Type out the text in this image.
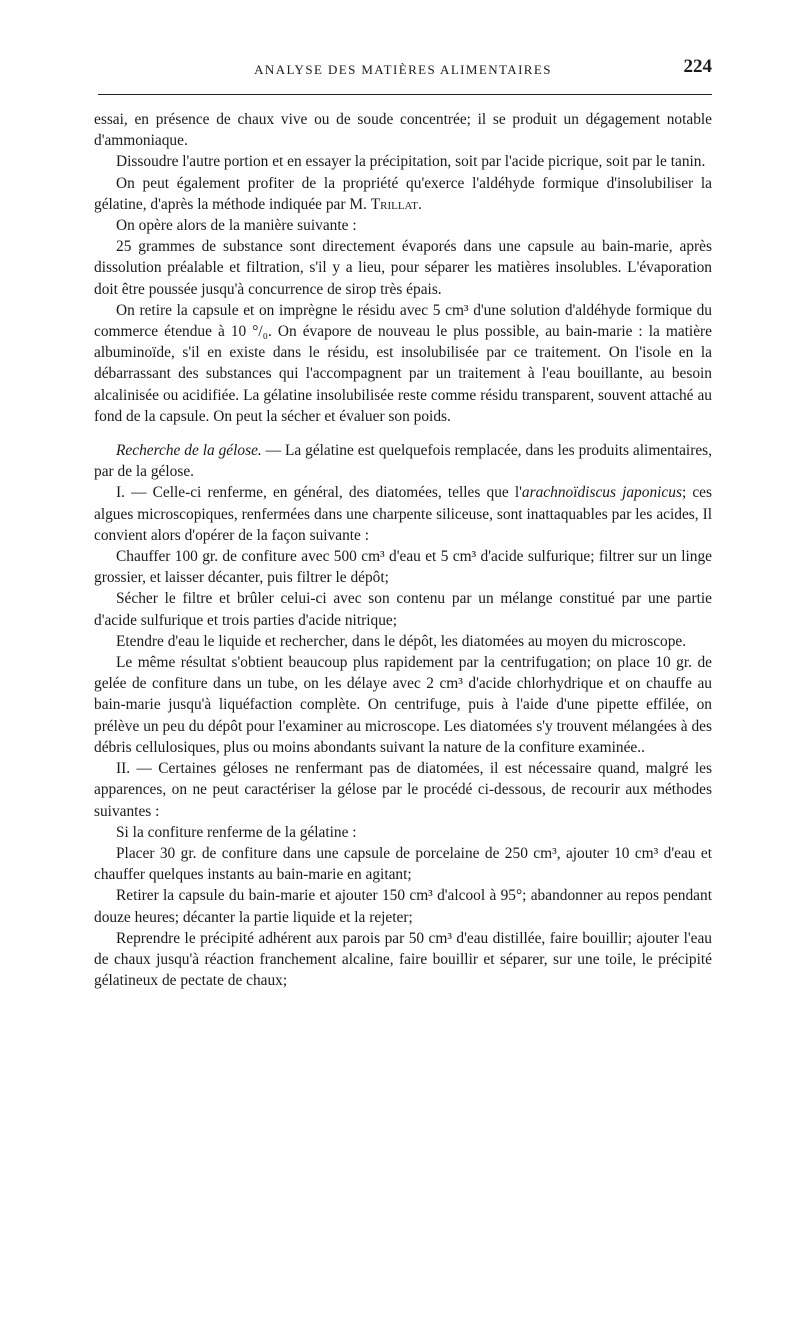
ANALYSE DES MATIÈRES ALIMENTAIRES	224

essai, en présence de chaux vive ou de soude concentrée; il se produit un dégagement notable d'ammoniaque.

Dissoudre l'autre portion et en essayer la précipitation, soit par l'acide picrique, soit par le tanin.

On peut également profiter de la propriété qu'exerce l'aldéhyde formique d'insolubiliser la gélatine, d'après la méthode indiquée par M. Trillat.

On opère alors de la manière suivante :

25 grammes de substance sont directement évaporés dans une capsule au bain-marie, après dissolution préalable et filtration, s'il y a lieu, pour séparer les matières insolubles. L'évaporation doit être poussée jusqu'à concurrence de sirop très épais.

On retire la capsule et on imprègne le résidu avec 5 cm³ d'une solution d'aldéhyde formique du commerce étendue à 10 °/₀. On évapore de nouveau le plus possible, au bain-marie : la matière albuminoïde, s'il en existe dans le résidu, est insolubilisée par ce traitement. On l'isole en la débarrassant des substances qui l'accompagnent par un traitement à l'eau bouillante, au besoin alcalinisée ou acidifiée. La gélatine insolubilisée reste comme résidu transparent, souvent attaché au fond de la capsule. On peut la sécher et évaluer son poids.

Recherche de la gélose. — La gélatine est quelquefois remplacée, dans les produits alimentaires, par de la gélose.

I. — Celle-ci renferme, en général, des diatomées, telles que l'arachnoïdiscus japonicus; ces algues microscopiques, renfermées dans une charpente siliceuse, sont inattaquables par les acides, Il convient alors d'opérer de la façon suivante :

Chauffer 100 gr. de confiture avec 500 cm³ d'eau et 5 cm³ d'acide sulfurique; filtrer sur un linge grossier, et laisser décanter, puis filtrer le dépôt;

Sécher le filtre et brûler celui-ci avec son contenu par un mélange constitué par une partie d'acide sulfurique et trois parties d'acide nitrique;

Etendre d'eau le liquide et rechercher, dans le dépôt, les diatomées au moyen du microscope.

Le même résultat s'obtient beaucoup plus rapidement par la centrifugation; on place 10 gr. de gelée de confiture dans un tube, on les délaye avec 2 cm³ d'acide chlorhydrique et on chauffe au bain-marie jusqu'à liquéfaction complète. On centrifuge, puis à l'aide d'une pipette effilée, on prélève un peu du dépôt pour l'examiner au microscope. Les diatomées s'y trouvent mélangées à des débris cellulosiques, plus ou moins abondants suivant la nature de la confiture examinée..

II. — Certaines géloses ne renfermant pas de diatomées, il est nécessaire quand, malgré les apparences, on ne peut caractériser la gélose par le procédé ci-dessous, de recourir aux méthodes suivantes :

Si la confiture renferme de la gélatine :

Placer 30 gr. de confiture dans une capsule de porcelaine de 250 cm³, ajouter 10 cm³ d'eau et chauffer quelques instants au bain-marie en agitant;

Retirer la capsule du bain-marie et ajouter 150 cm³ d'alcool à 95°; abandonner au repos pendant douze heures; décanter la partie liquide et la rejeter;

Reprendre le précipité adhérent aux parois par 50 cm³ d'eau distillée, faire bouillir; ajouter l'eau de chaux jusqu'à réaction franchement alcaline, faire bouillir et séparer, sur une toile, le précipité gélatineux de pectate de chaux;
